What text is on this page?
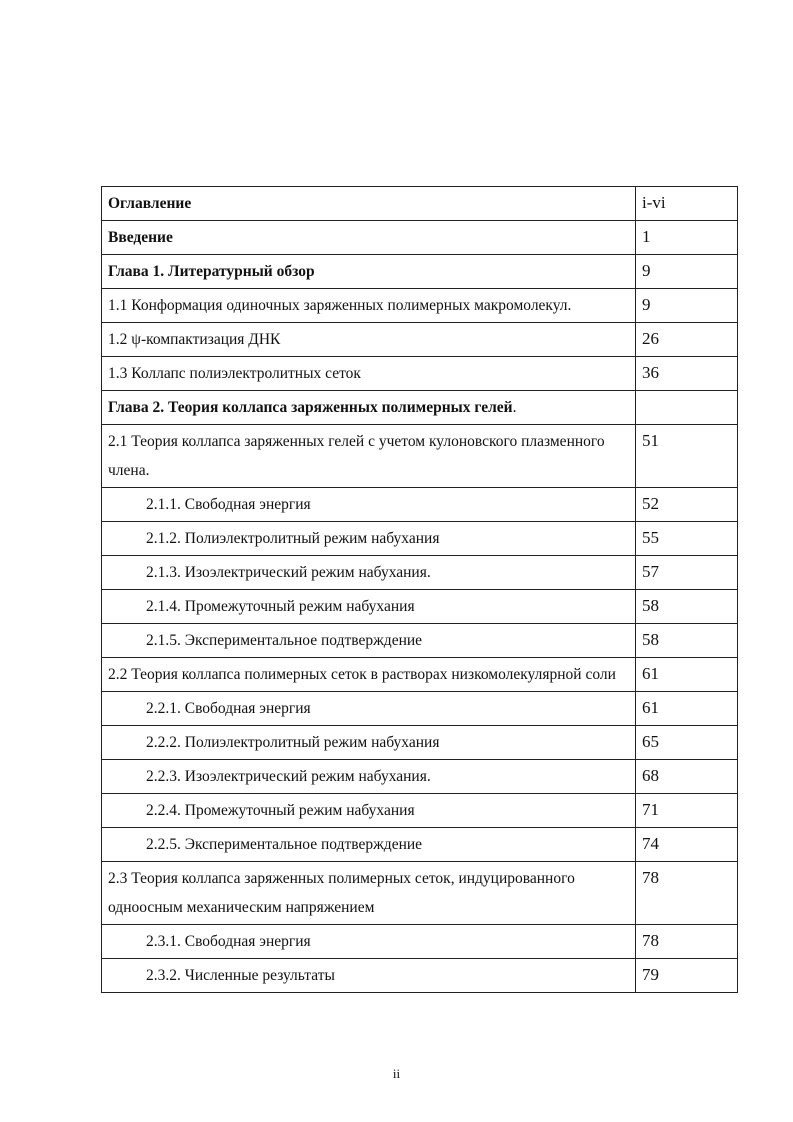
Оглавление	i-vi
Введение	1
Глава 1. Литературный обзор	9
1.1 Конформация одиночных заряженных полимерных макромолекул.	9
1.2 ψ-компактизация ДНК	26
1.3 Коллапс полиэлектролитных сеток	36
Глава 2. Теория коллапса заряженных полимерных гелей.	
2.1 Теория коллапса заряженных гелей с учетом кулоновского плазменного члена.	51
2.1.1. Свободная энергия	52
2.1.2. Полиэлектролитный режим набухания	55
2.1.3. Изоэлектрический режим набухания.	57
2.1.4. Промежуточный режим набухания	58
2.1.5. Экспериментальное подтверждение	58
2.2 Теория коллапса полимерных сеток в растворах низкомолекулярной соли	61
2.2.1. Свободная энергия	61
2.2.2. Полиэлектролитный режим набухания	65
2.2.3. Изоэлектрический режим набухания.	68
2.2.4. Промежуточный режим набухания	71
2.2.5. Экспериментальное подтверждение	74
2.3 Теория коллапса заряженных полимерных сеток, индуцированного одноосным механическим напряжением	78
2.3.1. Свободная энергия	78
2.3.2. Численные результаты	79
ii
